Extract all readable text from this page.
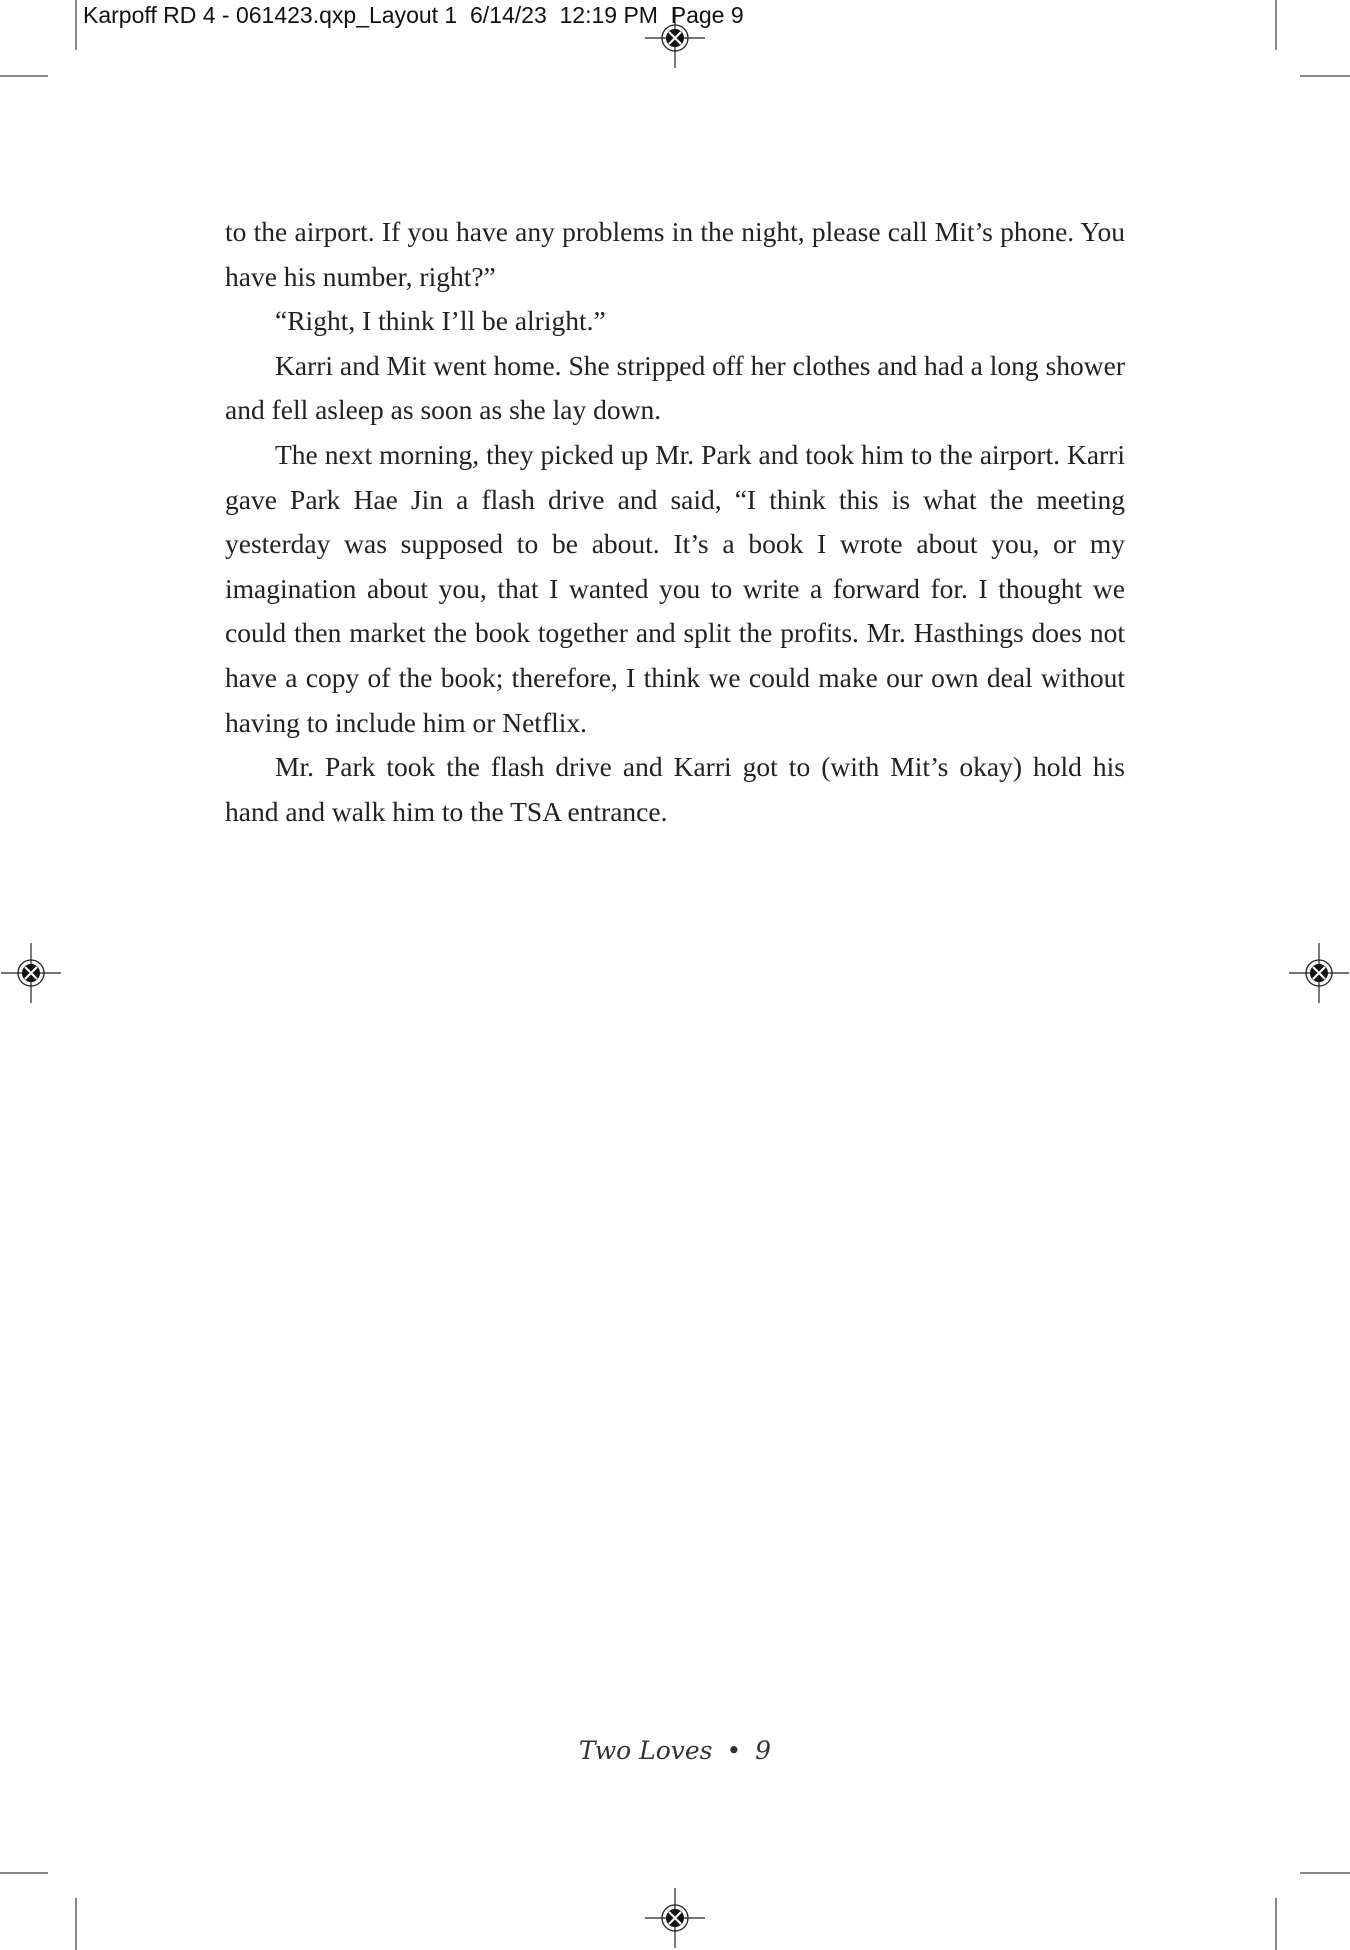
Karpoff RD 4 - 061423.qxp_Layout 1  6/14/23  12:19 PM  Page 9

to the airport. If you have any problems in the night, please call Mit’s phone. You have his number, right?”

“Right, I think I’ll be alright.”

Karri and Mit went home. She stripped off her clothes and had a long shower and fell asleep as soon as she lay down.

The next morning, they picked up Mr. Park and took him to the airport. Karri gave Park Hae Jin a flash drive and said, “I think this is what the meeting yesterday was supposed to be about. It’s a book I wrote about you, or my imagination about you, that I wanted you to write a forward for. I thought we could then market the book together and split the profits. Mr. Hasthings does not have a copy of the book; therefore, I think we could make our own deal without having to include him or Netflix.

Mr. Park took the flash drive and Karri got to (with Mit’s okay) hold his hand and walk him to the TSA entrance.

Two Loves • 9
